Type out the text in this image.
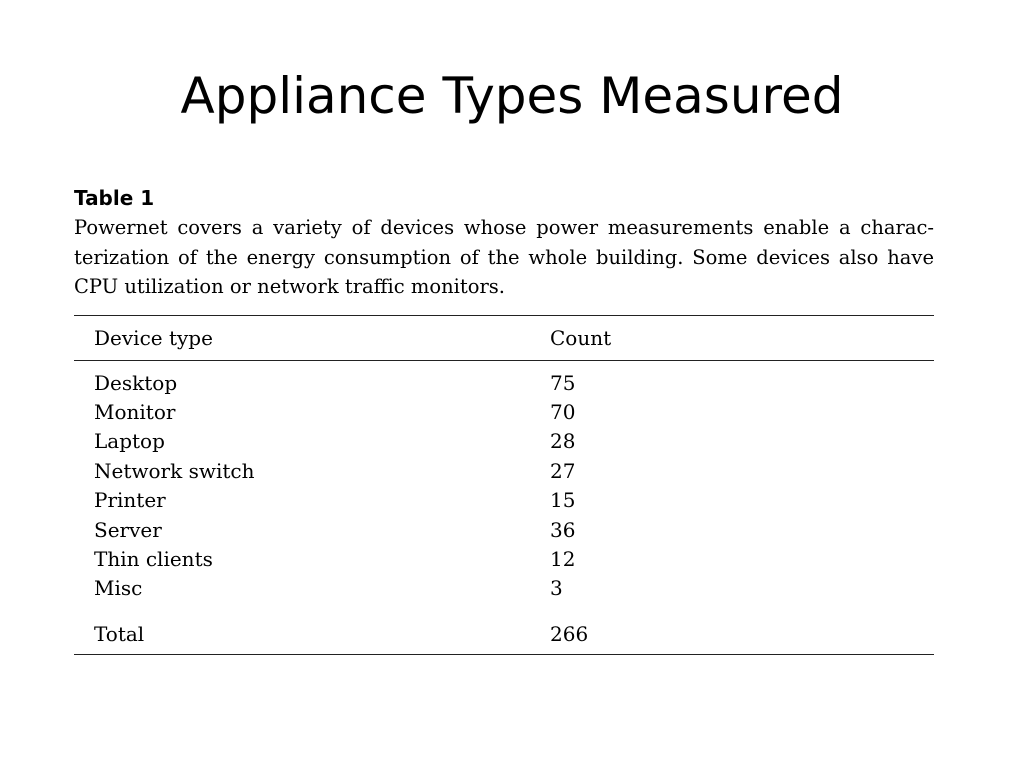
Appliance Types Measured
Table 1
Powernet covers a variety of devices whose power measurements enable a charac-
terization of the energy consumption of the whole building. Some devices also have
CPU utilization or network traffic monitors.
Device type	Count
Desktop	75
Monitor	70
Laptop	28
Network switch	27
Printer	15
Server	36
Thin clients	12
Misc	3

Total	266
